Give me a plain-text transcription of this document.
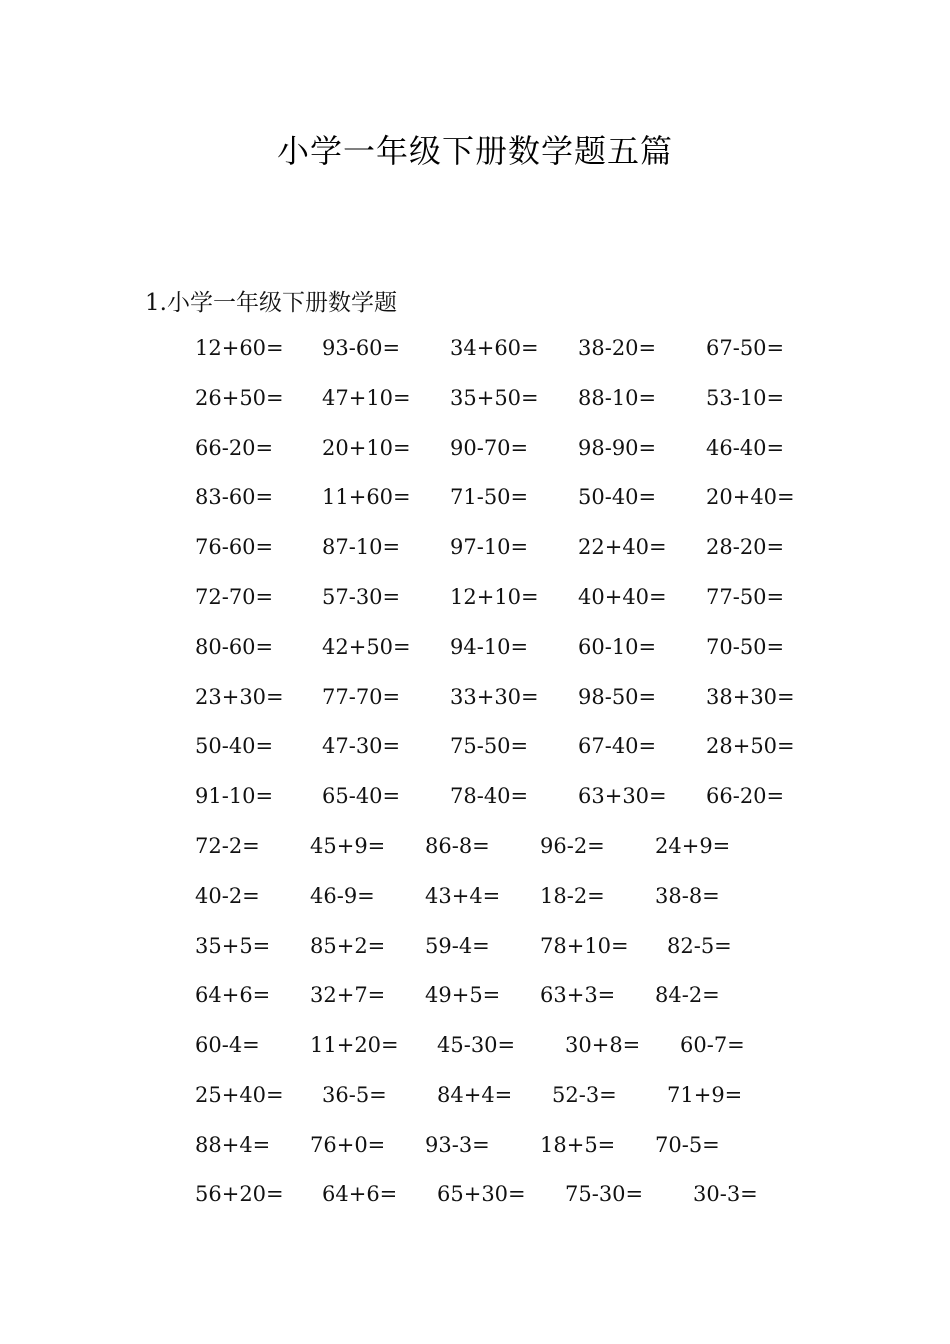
小学一年级下册数学题五篇
1.小学一年级下册数学题
12+60= 93-60= 34+60= 38-20= 67-50=
26+50= 47+10= 35+50= 88-10= 53-10=
66-20= 20+10= 90-70= 98-90= 46-40=
83-60= 11+60= 71-50= 50-40= 20+40=
76-60= 87-10= 97-10= 22+40= 28-20=
72-70= 57-30= 12+10= 40+40= 77-50=
80-60= 42+50= 94-10= 60-10= 70-50=
23+30= 77-70= 33+30= 98-50= 38+30=
50-40= 47-30= 75-50= 67-40= 28+50=
91-10= 65-40= 78-40= 63+30= 66-20=
72-2= 45+9= 86-8= 96-2= 24+9=
40-2= 46-9= 43+4= 18-2= 38-8=
35+5= 85+2= 59-4= 78+10= 82-5=
64+6= 32+7= 49+5= 63+3= 84-2=
60-4= 11+20= 45-30= 30+8= 60-7=
25+40= 36-5= 84+4= 52-3= 71+9=
88+4= 76+0= 93-3= 18+5= 70-5=
56+20= 64+6= 65+30= 75-30= 30-3=
